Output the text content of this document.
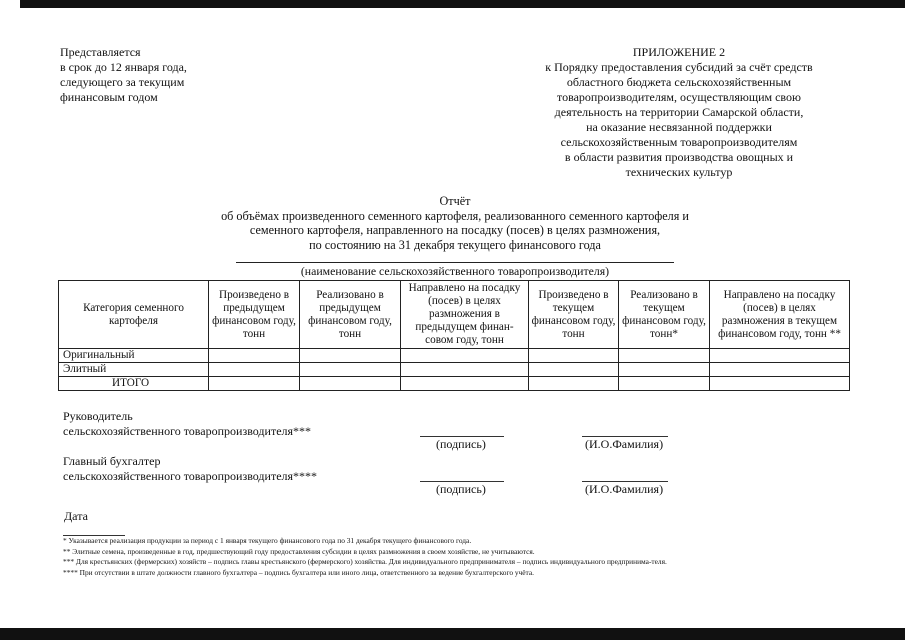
Представляется
в срок до 12 января года,
следующего за текущим
финансовым годом
ПРИЛОЖЕНИЕ 2
к Порядку предоставления субсидий за счёт средств
областного бюджета сельскохозяйственным
товаропроизводителям, осуществляющим свою
деятельность на территории Самарской области,
на оказание несвязанной поддержки
сельскохозяйственным товаропроизводителям
в области развития производства овощных и
технических культур
Отчёт
об объёмах произведенного семенного картофеля, реализованного семенного картофеля и
семенного картофеля, направленного на посадку (посев) в целях размножения,
по состоянию на 31 декабря текущего финансового года
(наименование сельскохозяйственного товаропроизводителя)
Категория семенного картофеля	Произведено в предыдущем финансовом году, тонн	Реализовано в предыдущем финансовом году, тонн	Направлено на посадку (посев) в целях размножения в предыдущем финан-совом году, тонн	Произведено в текущем финансовом году, тонн	Реализовано в текущем финансовом году, тонн*	Направлено на посадку (посев) в целях размножения в текущем финансовом году, тонн **
Оригинальный						
Элитный						
ИТОГО						
Руководитель
сельскохозяйственного товаропроизводителя***
(подпись)	(И.О.Фамилия)
Главный бухгалтер
сельскохозяйственного товаропроизводителя****
(подпись)	(И.О.Фамилия)
Дата

* Указывается реализация продукции за период с 1 января текущего финансового года по 31 декабря текущего финансового года.

** Элитные семена, произведенные в год, предшествующий году предоставления субсидии в целях размножения в своем хозяйстве, не учитываются.

*** Для крестьянских (фермерских) хозяйств – подпись главы крестьянского (фермерского) хозяйства. Для индивидуального предпринимателя – подпись индивидуального предпринима-теля.

**** При отсутствии в штате должности главного бухгалтера – подпись бухгалтера или иного лица, ответственного за ведение бухгалтерского учёта.
